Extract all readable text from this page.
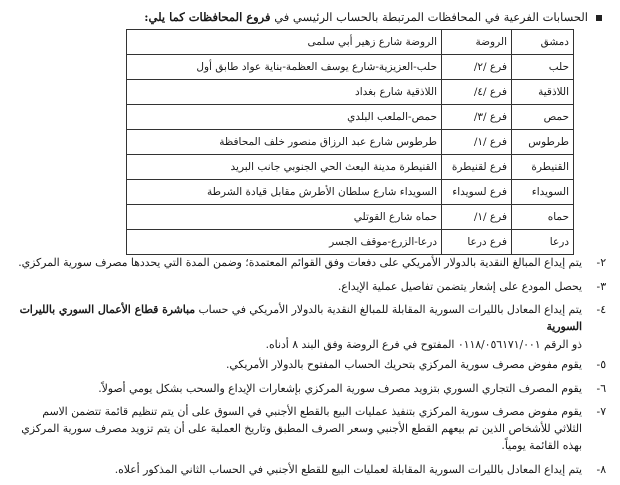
الحسابات الفرعية في المحافظات المرتبطة بالحساب الرئيسي في فروع المحافظات كما يلي:
دمشق	الروضة	الروضة شارع زهير أبي سلمى
حلب	فرع /٢/	حلب-العزيزية-شارع يوسف العظمة-بناية عواد طابق أول
اللاذقية	فرع /٤/	اللاذقية شارع بغداد
حمص	فرع /٣/	حمص-الملعب البلدي
طرطوس	فرع /١/	طرطوس شارع عبد الرزاق منصور خلف المحافظة
القنيطرة	فرع لقنيطرة	القنيطرة مدينة البعث الحي الجنوبي جانب البريد
السويداء	فرع لسويداء	السويداء شارع سلطان الأطرش مقابل قيادة الشرطة
حماه	فرع /١/	حماه شارع القوتلي
درعا	فرع درعا	درعا-الزرع-موقف الجسر
٢-
يتم إيداع المبالغ النقدية بالدولار الأمريكي على دفعات وفق القوائم المعتمدة؛ وضمن المدة التي يحددها مصرف سورية المركزي.
٣-
يحصل المودع على إشعار يتضمن تفاصيل عملية الإيداع.
٤-
يتم إيداع المعادل بالليرات السورية المقابلة للمبالغ النقدية بالدولار الأمريكي في حساب مباشرة قطاع الأعمال السوري بالليرات السورية
ذو الرقم ٠١١٨/٠٥٦١٧١/٠٠١ المفتوح في فرع الروضة وفق البند ٨ أدناه.
٥-
يقوم مفوض مصرف سورية المركزي بتحريك الحساب المفتوح بالدولار الأمريكي.
٦-
يقوم المصرف التجاري السوري بتزويد مصرف سورية المركزي بإشعارات الإيداع والسحب بشكل يومي أصولاً.
٧-
يقوم مفوض مصرف سورية المركزي بتنفيذ عمليات البيع بالقطع الأجنبي في السوق على أن يتم تنظيم قائمة تتضمن الاسم الثلاثي للأشخاص الذين تم بيعهم القطع الأجنبي وسعر الصرف المطبق وتاريخ العملية على أن يتم تزويد مصرف سورية المركزي بهذه القائمة يومياً.
٨-
يتم إيداع المعادل بالليرات السورية المقابلة لعمليات البيع للقطع الأجنبي في الحساب الثاني المذكور أعلاه.
